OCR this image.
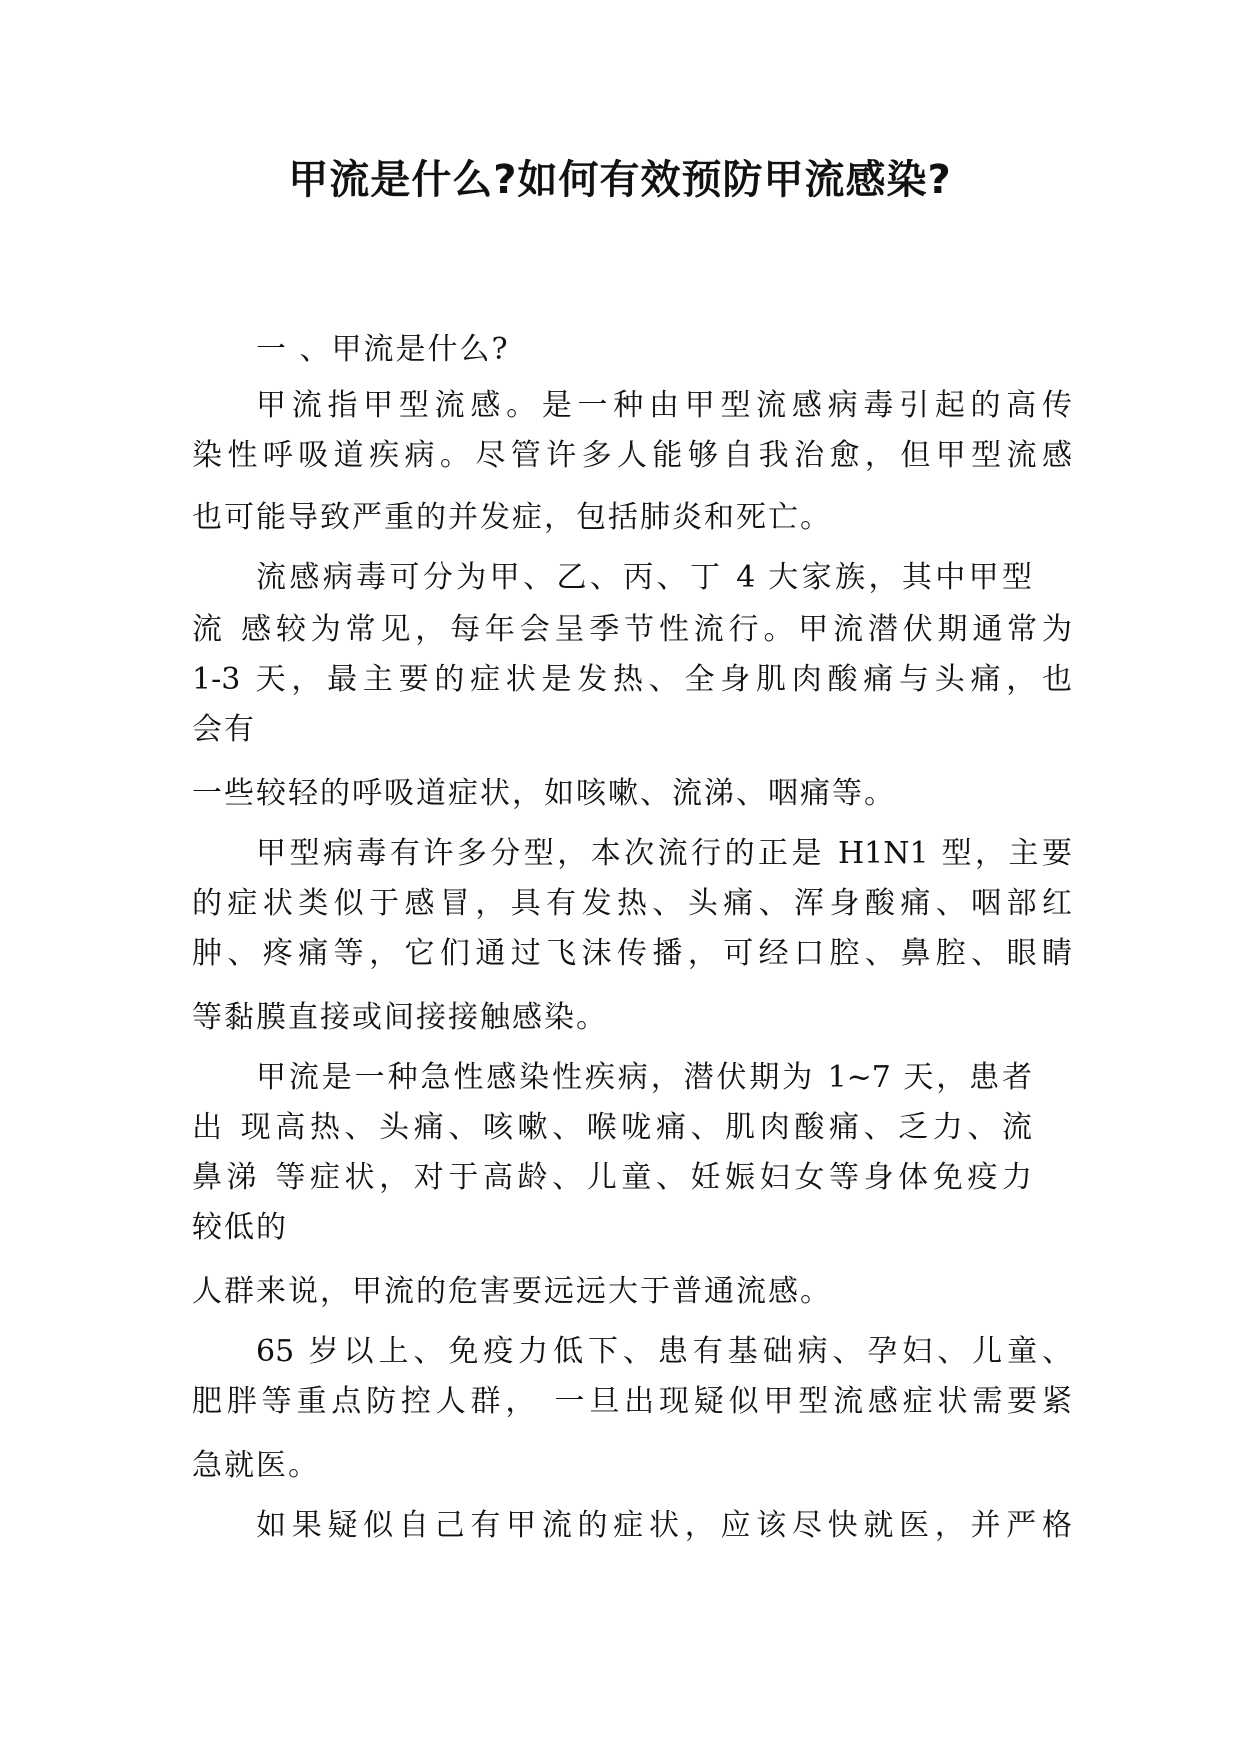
甲流是什么?如何有效预防甲流感染?

一 、甲流是什么?

甲流指甲型流感。是一种由甲型流感病毒引起的高传

染性呼吸道疾病。尽管许多人能够自我治愈，但甲型流感

也可能导致严重的并发症，包括肺炎和死亡。

流感病毒可分为甲、乙、丙、丁 4 大家族，其中甲型

流 感较为常见，每年会呈季节性流行。甲流潜伏期通常为

1-3 天，最主要的症状是发热、全身肌肉酸痛与头痛，也

会有

一些较轻的呼吸道症状，如咳嗽、流涕、咽痛等。

甲型病毒有许多分型，本次流行的正是 H1N1 型，主要

的症状类似于感冒，具有发热、头痛、浑身酸痛、咽部红

肿、疼痛等，它们通过飞沫传播，可经口腔、鼻腔、眼睛

等黏膜直接或间接接触感染。

甲流是一种急性感染性疾病，潜伏期为 1~7 天，患者

出 现高热、头痛、咳嗽、喉咙痛、肌肉酸痛、乏力、流

鼻涕 等症状，对于高龄、儿童、妊娠妇女等身体免疫力

较低的

人群来说，甲流的危害要远远大于普通流感。

65 岁以上、免疫力低下、患有基础病、孕妇、儿童、

肥胖等重点防控人群， 一旦出现疑似甲型流感症状需要紧

急就医。

如果疑似自己有甲流的症状，应该尽快就医，并严格
